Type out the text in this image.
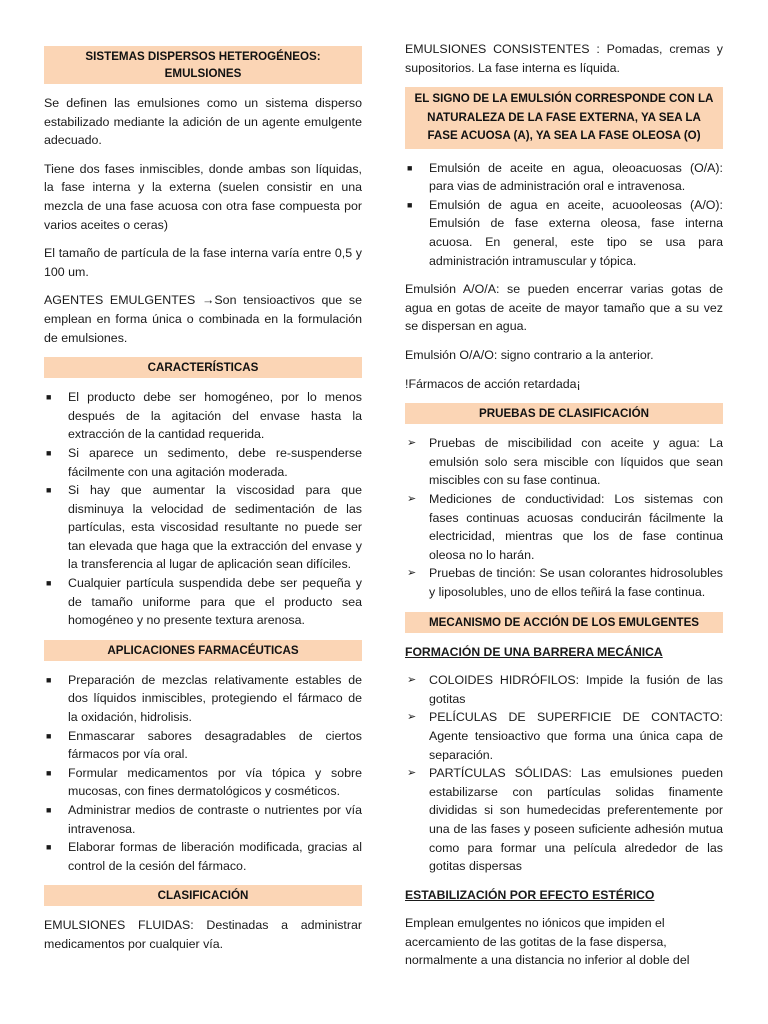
SISTEMAS DISPERSOS HETEROGÉNEOS: EMULSIONES

Se definen las emulsiones como un sistema disperso estabilizado mediante la adición de un agente emulgente adecuado.

Tiene dos fases inmiscibles, donde ambas son líquidas, la fase interna y la externa (suelen consistir en una mezcla de una fase acuosa con otra fase compuesta por varios aceites o ceras)

El tamaño de partícula de la fase interna varía entre 0,5 y 100 um.

AGENTES EMULGENTES →Son tensioactivos que se emplean en forma única o combinada en la formulación de emulsiones.

CARACTERÍSTICAS
■	El producto debe ser homogéneo, por lo menos después de la agitación del envase hasta la extracción de la cantidad requerida.
■	Si aparece un sedimento, debe re-suspenderse fácilmente con una agitación moderada.
■	Si hay que aumentar la viscosidad para que disminuya la velocidad de sedimentación de las partículas, esta viscosidad resultante no puede ser tan elevada que haga que la extracción del envase y la transferencia al lugar de aplicación sean difíciles.
■	Cualquier partícula suspendida debe ser pequeña y de tamaño uniforme para que el producto sea homogéneo y no presente textura arenosa.
APLICACIONES FARMACÉUTICAS
■	Preparación de mezclas relativamente estables de dos líquidos inmiscibles, protegiendo el fármaco de la oxidación, hidrolisis.
■	Enmascarar sabores desagradables de ciertos fármacos por vía oral.
■	Formular medicamentos por vía tópica y sobre mucosas, con fines dermatológicos y cosméticos.
■	Administrar medios de contraste o nutrientes por vía intravenosa.
■	Elaborar formas de liberación modificada, gracias al control de la cesión del fármaco.
CLASIFICACIÓN

EMULSIONES FLUIDAS: Destinadas a administrar medicamentos por cualquier vía.

EMULSIONES CONSISTENTES : Pomadas, cremas y supositorios. La fase interna es líquida.

EL SIGNO DE LA EMULSIÓN CORRESPONDE CON LA NATURALEZA DE LA FASE EXTERNA, YA SEA LA FASE ACUOSA (A), YA SEA LA FASE OLEOSA (O)
■	Emulsión de aceite en agua, oleoacuosas (O/A): para vias de administración oral e intravenosa.
■	Emulsión de agua en aceite, acuooleosas (A/O): Emulsión de fase externa oleosa, fase interna acuosa. En general, este tipo se usa para administración intramuscular y tópica.

Emulsión A/O/A: se pueden encerrar varias gotas de agua en gotas de aceite de mayor tamaño que a su vez se dispersan en agua.

Emulsión O/A/O: signo contrario a la anterior.

!Fármacos de acción retardada¡

PRUEBAS DE CLASIFICACIÓN
➢	Pruebas de miscibilidad con aceite y agua: La emulsión solo sera miscible con líquidos que sean miscibles con su fase continua.
➢	Mediciones de conductividad: Los sistemas con fases continuas acuosas conducirán fácilmente la electricidad, mientras que los de fase continua oleosa no lo harán.
➢	Pruebas de tinción: Se usan colorantes hidrosolubles y liposolubles, uno de ellos teñirá la fase continua.
MECANISMO DE ACCIÓN DE LOS EMULGENTES
FORMACIÓN DE UNA BARRERA MECÁNICA
➢	COLOIDES HIDRÓFILOS: Impide la fusión de las gotitas
➢	PELÍCULAS DE SUPERFICIE DE CONTACTO: Agente tensioactivo que forma una única capa de separación.
➢	PARTÍCULAS SÓLIDAS: Las emulsiones pueden estabilizarse con partículas solidas finamente divididas si son humedecidas preferentemente por una de las fases y poseen suficiente adhesión mutua como para formar una película alrededor de las gotitas dispersas
ESTABILIZACIÓN POR EFECTO ESTÉRICO

Emplean emulgentes no iónicos que impiden el acercamiento de las gotitas de la fase dispersa, normalmente a una distancia no inferior al doble del
